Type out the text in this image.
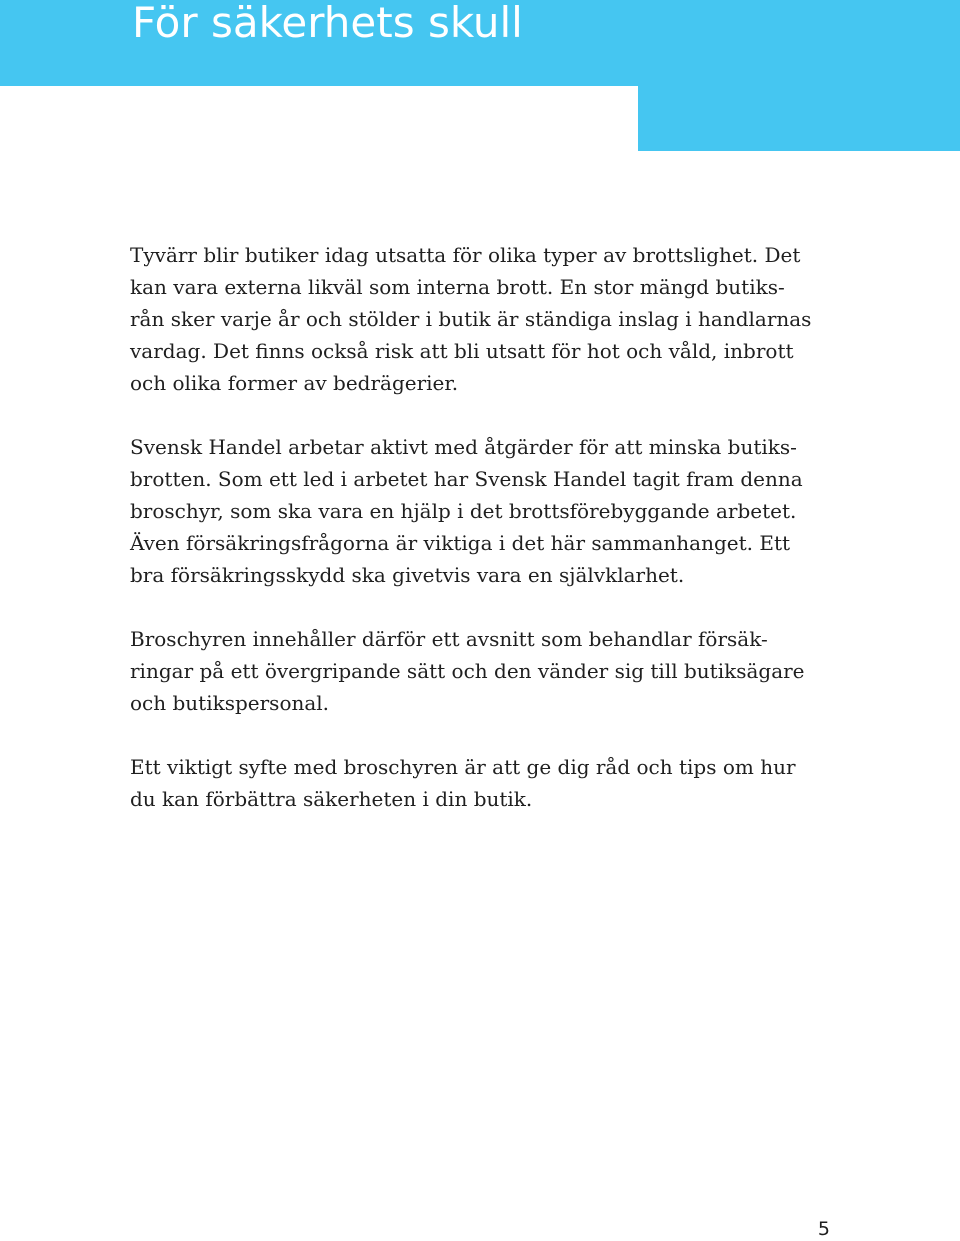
För säkerhets skull

Tyvärr blir butiker idag utsatta för olika typer av brottslighet. Det
kan vara externa likväl som interna brott. En stor mängd butiks-
rån sker varje år och stölder i butik är ständiga inslag i handlarnas
vardag. Det finns också risk att bli utsatt för hot och våld, inbrott
och olika former av bedrägerier.

Svensk Handel arbetar aktivt med åtgärder för att minska butiks-
brotten. Som ett led i arbetet har Svensk Handel tagit fram denna
broschyr, som ska vara en hjälp i det brottsförebyggande arbetet.
Även försäkringsfrågorna är viktiga i det här sammanhanget. Ett
bra försäkringsskydd ska givetvis vara en självklarhet.

Broschyren innehåller därför ett avsnitt som behandlar försäk-
ringar på ett övergripande sätt och den vänder sig till butiksägare
och butikspersonal.

Ett viktigt syfte med broschyren är att ge dig råd och tips om hur
du kan förbättra säkerheten i din butik.

5
